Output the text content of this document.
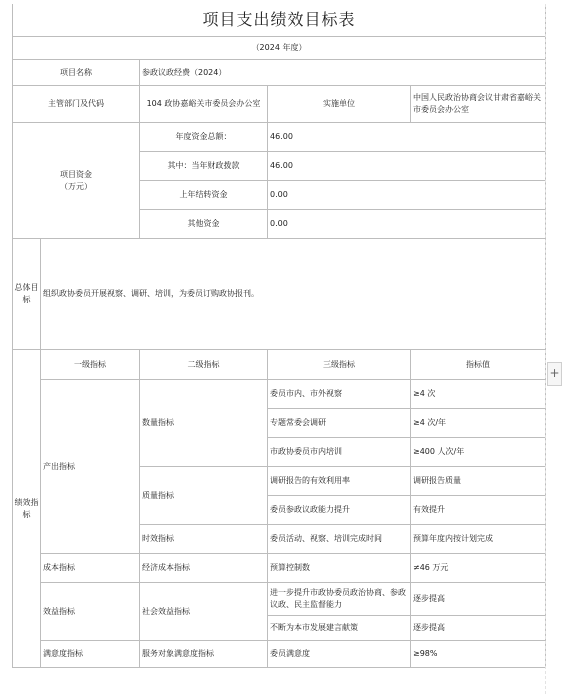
项目支出绩效目标表				
（2024 年度）				
项目名称		参政议政经费（2024）		
主管部门及代码		104 政协嘉峪关市委员会办公室	实施单位	中国人民政治协商会议甘肃省嘉峪关市委员会办公室
项目资金
（万元）		年度资金总额：	46.00	
		其中：当年财政拨款	46.00	
		上年结转资金	0.00	
		其他资金	0.00	
总体目标	组织政协委员开展视察、调研、培训，为委员订购政协报刊。			
绩效指标	一级指标	二级指标	三级指标	指标值
	产出指标	数量指标	委员市内、市外视察	≥4 次
			专题常委会调研	≥4 次/年
			市政协委员市内培训	≥400 人次/年
		质量指标	调研报告的有效利用率	调研报告质量
			委员参政议政能力提升	有效提升
		时效指标	委员活动、视察、培训完成时间	预算年度内按计划完成
	成本指标	经济成本指标	预算控制数	≠46 万元
	效益指标	社会效益指标	进一步提升市政协委员政治协商、参政议政、民主监督能力	逐步提高
			不断为本市发展建言献策	逐步提高
	满意度指标	服务对象满意度指标	委员满意度	≥98%
+
